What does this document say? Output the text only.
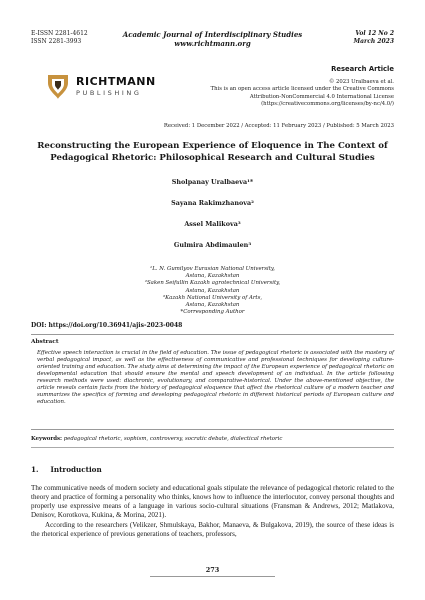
E-ISSN 2281-4612
ISSN 2281-3993
Academic Journal of Interdisciplinary Studies
www.richtmann.org
Vol 12 No 2
March 2023
RICHTMANN
PUBLISHING
Research Article
© 2023 Uralbaeva et al.
This is an open access article licensed under the Creative Commons
Attribution-NonCommercial 4.0 International License
(https://creativecommons.org/licenses/by-nc/4.0/)
Received: 1 December 2022 / Accepted: 11 February 2023 / Published: 5 March 2023
Reconstructing the European Experience of Eloquence in The Context of
Pedagogical Rhetoric: Philosophical Research and Cultural Studies
Sholpanay Uralbaeva¹*
Sayana Rakimzhanova²
Assel Malikova³
Gulmira Abdimaulen³
¹L. N. Gumilyov Eurasian National University,
Astana, Kazakhstan
²Saken Seifullin Kazakh agrotechnical University,
Astana, Kazakhstan
³Kazakh National University of Arts,
Astana, Kazakhstan
*Corresponding Author
DOI: https://doi.org/10.36941/ajis-2023-0048
Abstract
Effective speech interaction is crucial in the field of education. The issue of pedagogical rhetoric is associated with the mastery of verbal pedagogical impact, as well as the effectiveness of communicative and professional techniques for developing culture-oriented training and education. The study aims at determining the impact of the European experience of pedagogical rhetoric on developmental education that should ensure the mental and speech development of an individual. In the article following research methods were used: diachronic, evolutionary, and comparative-historical. Under the above-mentioned objective, the article reveals certain facts from the history of pedagogical eloquence that affect the rhetorical culture of a modern teacher and summarizes the specifics of forming and developing pedagogical rhetoric in different historical periods of European culture and education.
Keywords: pedagogical rhetoric, sophism, controversy, socratic debate, dialectical rhetoric
1. Introduction

The communicative needs of modern society and educational goals stipulate the relevance of pedagogical rhetoric related to the theory and practice of forming a personality who thinks, knows how to influence the interlocutor, convey personal thoughts and properly use expressive means of a language in various socio-cultural situations (Fransman & Andrews, 2012; Matlakova, Denisov, Korotkova, Kukina, & Morina, 2021).

According to the researchers (Velikzer, Shmulskaya, Bakhor, Manaeva, & Bulgakova, 2019), the source of these ideas is the rhetorical experience of previous generations of teachers, professors,

273
